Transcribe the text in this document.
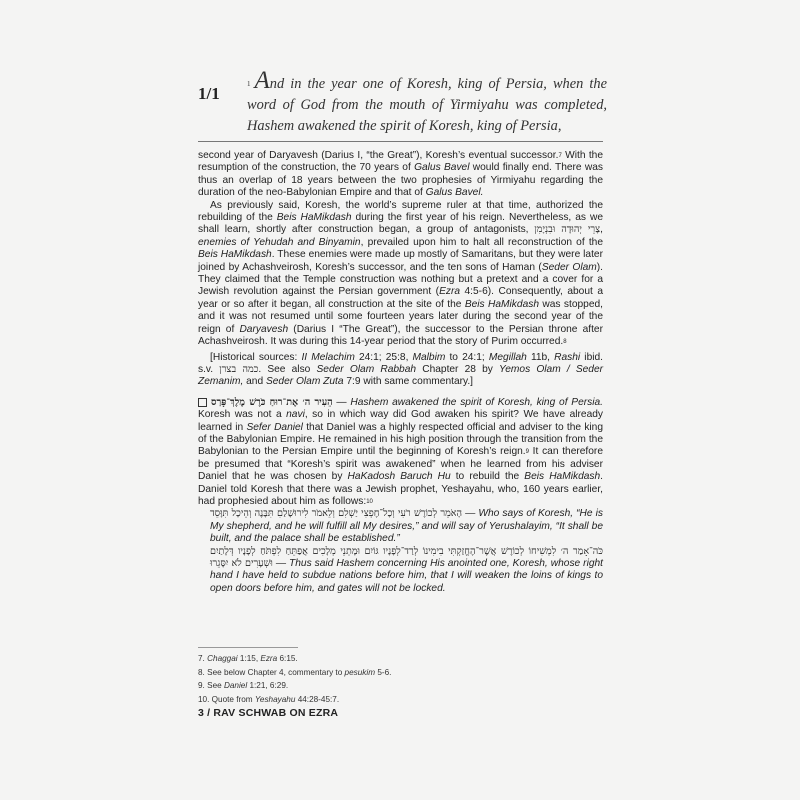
1/1	$^1$ And in the year one of Koresh, king of Persia, when the word of God from the mouth of Yirmiyahu was completed, Hashem awakened the spirit of Koresh, king of Persia,

second year of Daryavesh (Darius I, “the Great”), Koresh’s eventual successor.$^7$ With the resumption of the construction, the 70 years of Galus Bavel would finally end. There was thus an overlap of 18 years between the two prophesies of Yirmiyahu regarding the duration of the neo-Babylonian Empire and that of Galus Bavel.

As previously said, Koresh, the world’s supreme ruler at that time, authorized the rebuilding of the Beis HaMikdash during the first year of his reign. Nevertheless, as we shall learn, shortly after construction began, a group of antagonists, צָרֵי יְהוּדָה וּבִנְיָמִן, enemies of Yehudah and Binyamin, prevailed upon him to halt all reconstruction of the Beis HaMikdash. These enemies were made up mostly of Samaritans, but they were later joined by Achashveirosh, Koresh’s successor, and the ten sons of Haman (Seder Olam). They claimed that the Temple construction was nothing but a pretext and a cover for a Jewish revolution against the Persian government (Ezra 4:5-6). Consequently, about a year or so after it began, all construction at the site of the Beis HaMikdash was stopped, and it was not resumed until some fourteen years later during the second year of the reign of Daryavesh (Darius I “The Great”), the successor to the Persian throne after Achashveirosh. It was during this 14-year period that the story of Purim occurred.$^8$

[Historical sources: II Melachim 24:1; 25:8, Malbim to 24:1; Megillah 11b, Rashi ibid. s.v. כמה בצרן. See also Seder Olam Rabbah Chapter 28 by Yemos Olam / Seder Zemanim, and Seder Olam Zuta 7:9 with same commentary.]

הֵעִיר ה׳ אֶת־רוּחַ כֹּרֶשׁ מֶלֶךְ־פָּרַס — Hashem awakened the spirit of Koresh, king of Persia. Koresh was not a navi, so in which way did God awaken his spirit? We have already learned in Sefer Daniel that Daniel was a highly respected official and adviser to the king of the Babylonian Empire. He remained in his high position through the transition from the Babylonian to the Persian Empire until the beginning of Koresh’s reign.$^9$ It can therefore be presumed that “Koresh’s spirit was awakened” when he learned from his adviser Daniel that he was chosen by HaKadosh Baruch Hu to rebuild the Beis HaMikdash. Daniel told Koresh that there was a Jewish prophet, Yeshayahu, who, 160 years earlier, had prophesied about him as follows:$^{10}$

הָאֹמֵר לְכוֹרֶשׁ רֹעִי וְכָל־חֶפְצִי יַשְׁלִם וְלֵאמֹר לִירוּשָׁלַםִ תִּבָּנֶה וְהֵיכָל תִּוָּסֵד — Who says of Koresh, “He is My shepherd, and he will fulfill all My desires,” and will say of Yerushalayim, “It shall be built, and the palace shall be established.”

כֹּה־אָמַר ה׳ לִמְשִׁיחוֹ לְכוֹרֶשׁ אֲשֶׁר־הֶחֱזַקְתִּי בִימִינוֹ לְרַד־לְפָנָיו גּוֹיִם וּמָתְנֵי מְלָכִים אֲפַתֵּחַ לִפְתֹּחַ לְפָנָיו דְּלָתַיִם וּשְׁעָרִים לֹא יִסָּגֵרוּ — Thus said Hashem concerning His anointed one, Koresh, whose right hand I have held to subdue nations before him, that I will weaken the loins of kings to open doors before him, and gates will not be locked.

7. Chaggai 1:15, Ezra 6:15.
8. See below Chapter 4, commentary to pesukim 5-6.
9. See Daniel 1:21, 6:29.
10. Quote from Yeshayahu 44:28-45:7.
3 / RAV SCHWAB ON EZRA
